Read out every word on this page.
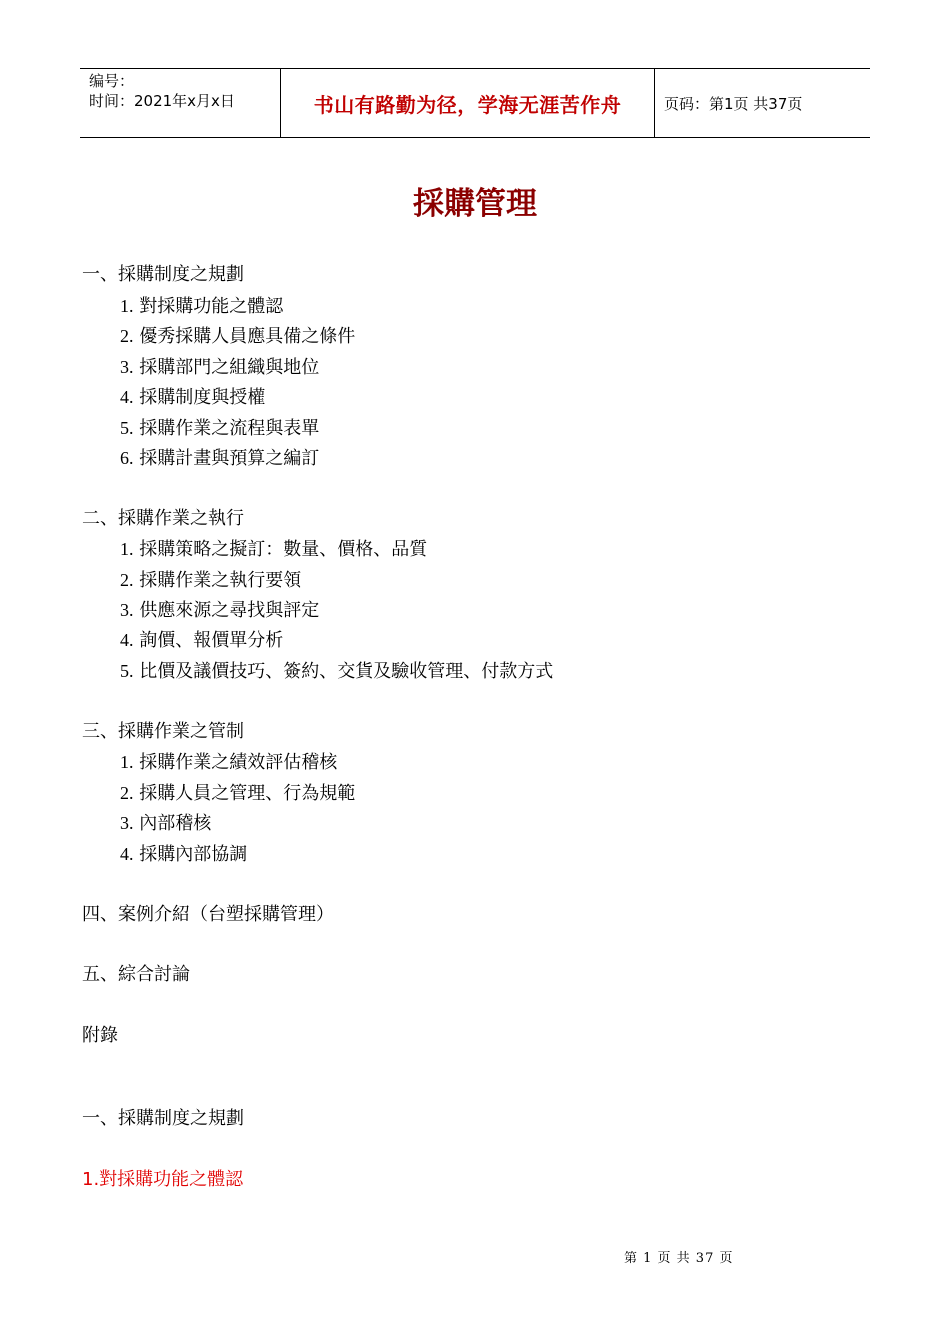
编号：
时间：2021年x月x日	书山有路勤为径，学海无涯苦作舟	页码：第1页 共37页
採購管理
一、採購制度之規劃
1. 對採購功能之體認
2. 優秀採購人員應具備之條件
3. 採購部門之組織與地位
4. 採購制度與授權
5. 採購作業之流程與表單
6. 採購計畫與預算之編訂
二、採購作業之執行
1. 採購策略之擬訂：數量、價格、品質
2. 採購作業之執行要領
3. 供應來源之尋找與評定
4. 詢價、報價單分析
5. 比價及議價技巧、簽約、交貨及驗收管理、付款方式
三、採購作業之管制
1. 採購作業之績效評估稽核
2. 採購人員之管理、行為規範
3. 內部稽核
4. 採購內部協調
四、案例介紹（台塑採購管理）
五、綜合討論
附錄
一、採購制度之規劃
1.對採購功能之體認
第 1 页 共 37 页
